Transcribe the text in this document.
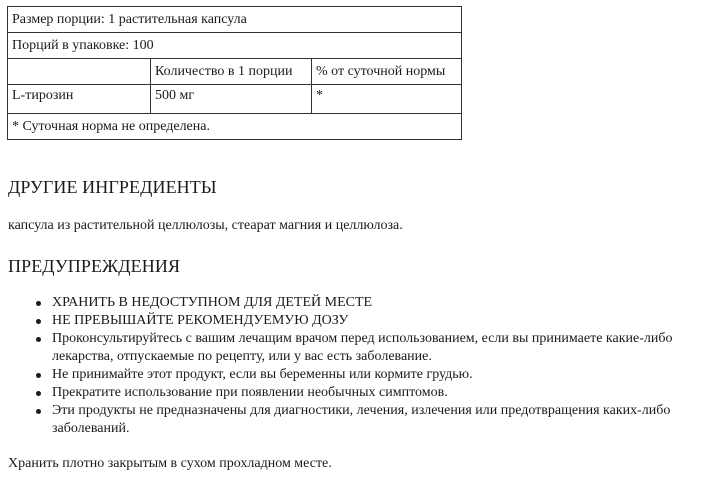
Размер порции: 1 растительная капсула		
Порций в упаковке: 100		
	Количество в 1 порции	% от суточной нормы
L-тирозин	500 мг	*
* Суточная норма не определена.		
ДРУГИЕ ИНГРЕДИЕНТЫ

капсула из растительной целлюлозы, стеарат магния и целлюлоза.

ПРЕДУПРЕЖДЕНИЯ
ХРАНИТЬ В НЕДОСТУПНОМ ДЛЯ ДЕТЕЙ МЕСТЕ
НЕ ПРЕВЫШАЙТЕ РЕКОМЕНДУЕМУЮ ДОЗУ
Проконсультируйтесь с вашим лечащим врачом перед использованием, если вы принимаете какие-либо лекарства, отпускаемые по рецепту, или у вас есть заболевание.
Не принимайте этот продукт, если вы беременны или кормите грудью.
Прекратите использование при появлении необычных симптомов.
Эти продукты не предназначены для диагностики, лечения, излечения или предотвращения каких-либо заболеваний.

Хранить плотно закрытым в сухом прохладном месте.
